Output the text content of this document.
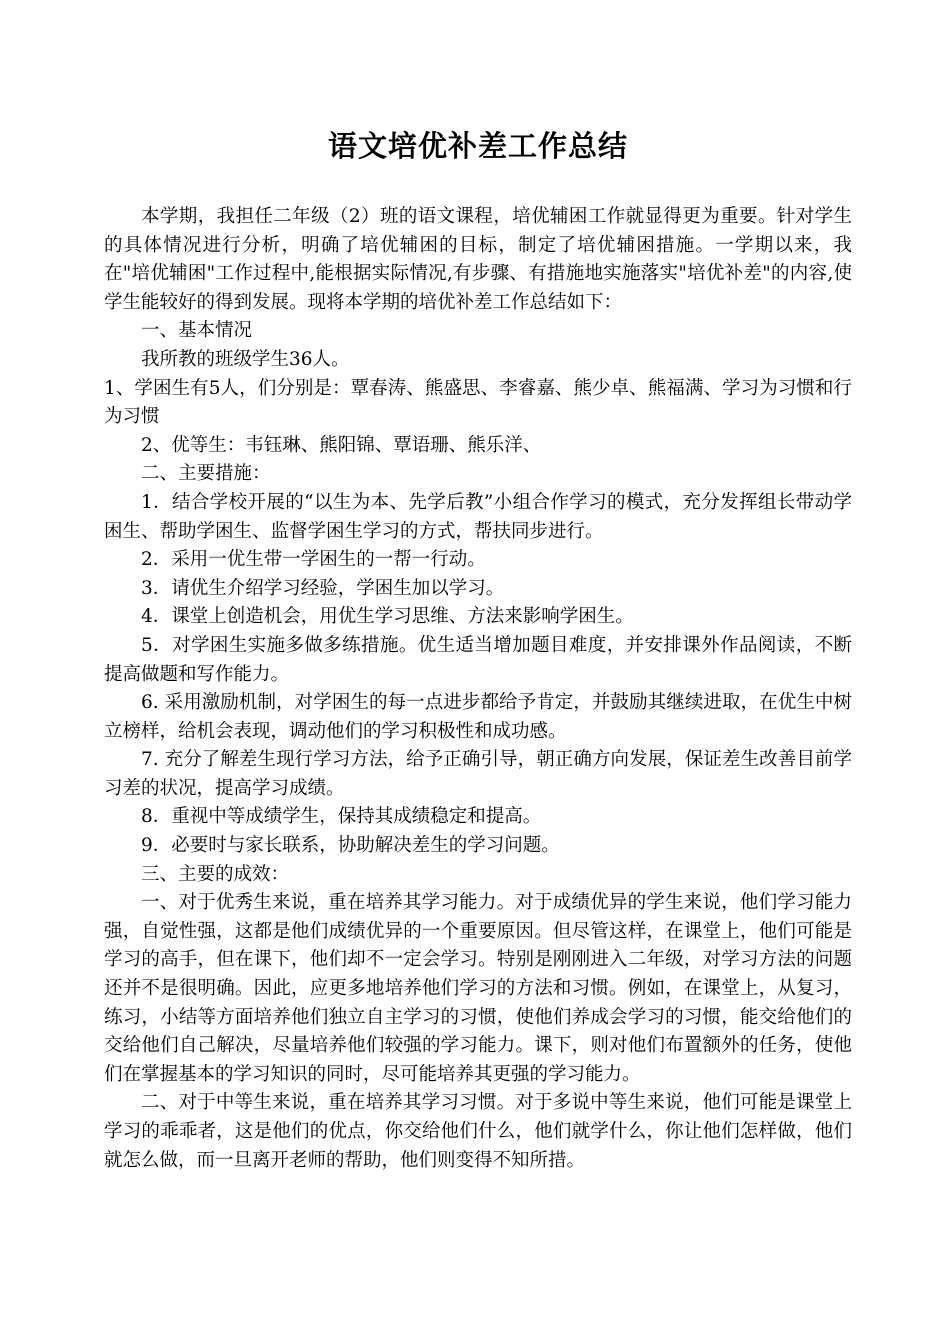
语文培优补差工作总结

本学期，我担任二年级（2）班的语文课程，培优辅困工作就显得更为重要。针对学生的具体情况进行分析，明确了培优辅困的目标，制定了培优辅困措施。一学期以来，我在"培优辅困"工作过程中,能根据实际情况,有步骤、有措施地实施落实"培优补差"的内容,使学生能较好的得到发展。现将本学期的培优补差工作总结如下：

一、基本情况

我所教的班级学生36人。

1、学困生有5人，们分别是：覃春涛、熊盛思、李睿嘉、熊少卓、熊福满、学习为习惯和行为习惯

2、优等生：韦钰琳、熊阳锦、覃语珊、熊乐洋、

二、主要措施：

1．结合学校开展的“以生为本、先学后教”小组合作学习的模式，充分发挥组长带动学困生、帮助学困生、监督学困生学习的方式，帮扶同步进行。

2．采用一优生带一学困生的一帮一行动。

3．请优生介绍学习经验，学困生加以学习。

4．课堂上创造机会，用优生学习思维、方法来影响学困生。

5．对学困生实施多做多练措施。优生适当增加题目难度，并安排课外作品阅读，不断提高做题和写作能力。

6. 采用激励机制，对学困生的每一点进步都给予肯定，并鼓励其继续进取，在优生中树立榜样，给机会表现，调动他们的学习积极性和成功感。

7. 充分了解差生现行学习方法，给予正确引导，朝正确方向发展，保证差生改善目前学习差的状况，提高学习成绩。

8．重视中等成绩学生，保持其成绩稳定和提高。

9．必要时与家长联系，协助解决差生的学习问题。

三、主要的成效：

一、对于优秀生来说，重在培养其学习能力。对于成绩优异的学生来说，他们学习能力强，自觉性强，这都是他们成绩优异的一个重要原因。但尽管这样，在课堂上，他们可能是学习的高手，但在课下，他们却不一定会学习。特别是刚刚进入二年级，对学习方法的问题还并不是很明确。因此，应更多地培养他们学习的方法和习惯。例如，在课堂上，从复习，练习，小结等方面培养他们独立自主学习的习惯，使他们养成会学习的习惯，能交给他们的交给他们自己解决，尽量培养他们较强的学习能力。课下，则对他们布置额外的任务，使他们在掌握基本的学习知识的同时，尽可能培养其更强的学习能力。

二、对于中等生来说，重在培养其学习习惯。对于多说中等生来说，他们可能是课堂上学习的乖乖者，这是他们的优点，你交给他们什么，他们就学什么，你让他们怎样做，他们就怎么做，而一旦离开老师的帮助，他们则变得不知所措。
